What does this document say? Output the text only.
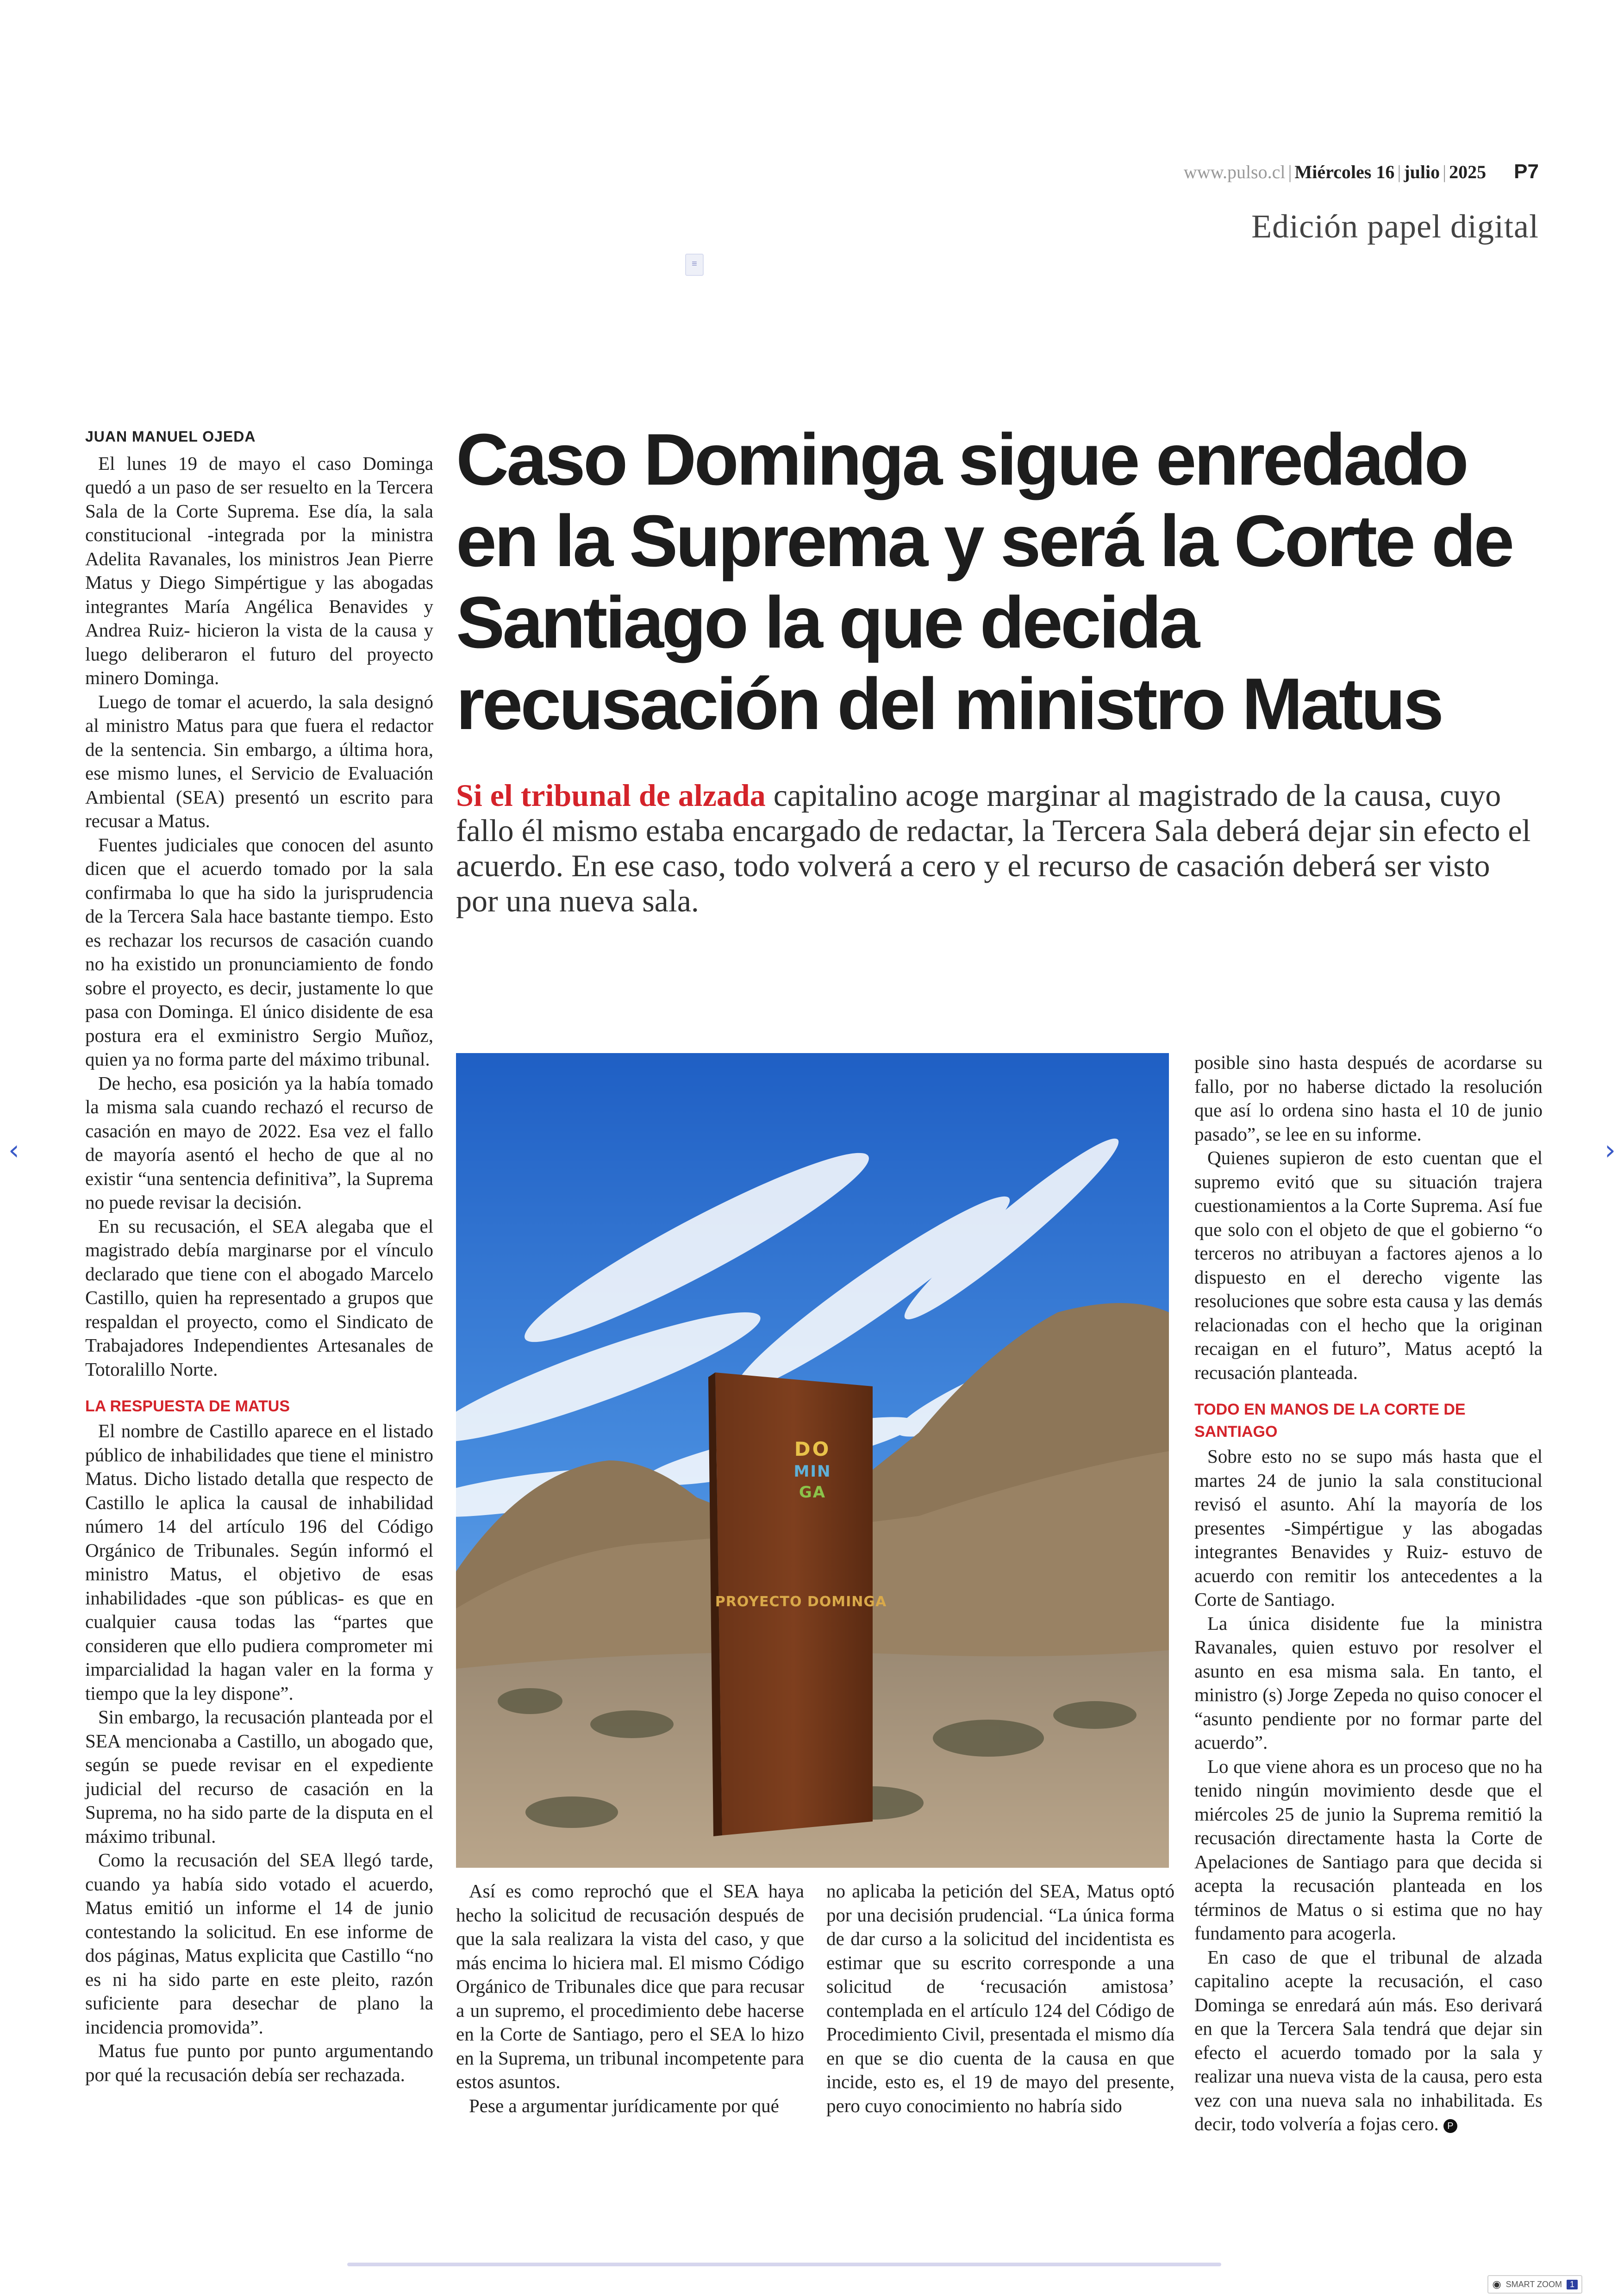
www.pulso.cl | Miércoles 16 | julio | 2025 P7
Edición papel digital
≡
‹	›
Caso Dominga sigue enredado en la Suprema y será la Corte de Santiago la que decida recusación del ministro Matus
Si el tribunal de alzada capitalino acoge marginar al magistrado de la causa, cuyo fallo él mismo estaba encargado de redactar, la Tercera Sala deberá dejar sin efecto el acuerdo. En ese caso, todo volverá a cero y el recurso de casación deberá ser visto por una nueva sala.

JUAN MANUEL OJEDA

El lunes 19 de mayo el caso Dominga quedó a un paso de ser resuelto en la Tercera Sala de la Corte Suprema. Ese día, la sala constitucional -integrada por la ministra Adelita Ravanales, los ministros Jean Pierre Matus y Diego Simpértigue y las abogadas integrantes María Angélica Benavides y Andrea Ruiz- hicieron la vista de la causa y luego deliberaron el futuro del proyecto minero Dominga.

Luego de tomar el acuerdo, la sala designó al ministro Matus para que fuera el redactor de la sentencia. Sin embargo, a última hora, ese mismo lunes, el Servicio de Evaluación Ambiental (SEA) presentó un escrito para recusar a Matus.

Fuentes judiciales que conocen del asunto dicen que el acuerdo tomado por la sala confirmaba lo que ha sido la jurisprudencia de la Tercera Sala hace bastante tiempo. Esto es rechazar los recursos de casación cuando no ha existido un pronunciamiento de fondo sobre el proyecto, es decir, justamente lo que pasa con Dominga. El único disidente de esa postura era el exministro Sergio Muñoz, quien ya no forma parte del máximo tribunal.

De hecho, esa posición ya la había tomado la misma sala cuando rechazó el recurso de casación en mayo de 2022. Esa vez el fallo de mayoría asentó el hecho de que al no existir “una sentencia definitiva”, la Suprema no puede revisar la decisión.

En su recusación, el SEA alegaba que el magistrado debía marginarse por el vínculo declarado que tiene con el abogado Marcelo Castillo, quien ha representado a grupos que respaldan el proyecto, como el Sindicato de Trabajadores Independientes Artesanales de Totoralillo Norte.

LA RESPUESTA DE MATUS

El nombre de Castillo aparece en el listado público de inhabilidades que tiene el ministro Matus. Dicho listado detalla que respecto de Castillo le aplica la causal de inhabilidad número 14 del artículo 196 del Código Orgánico de Tribunales. Según informó el ministro Matus, el objetivo de esas inhabilidades -que son públicas- es que en cualquier causa todas las “partes que consideren que ello pudiera comprometer mi imparcialidad la hagan valer en la forma y tiempo que la ley dispone”.

Sin embargo, la recusación planteada por el SEA mencionaba a Castillo, un abogado que, según se puede revisar en el expediente judicial del recurso de casación en la Suprema, no ha sido parte de la disputa en el máximo tribunal.

Como la recusación del SEA llegó tarde, cuando ya había sido votado el acuerdo, Matus emitió un informe el 14 de junio contestando la solicitud. En ese informe de dos páginas, Matus explicita que Castillo “no es ni ha sido parte en este pleito, razón suficiente para desechar de plano la incidencia promovida”.

Matus fue punto por punto argumentando por qué la recusación debía ser rechazada.

DO
MIN
GA
PROYECTO DOMINGA

Así es como reprochó que el SEA haya hecho la solicitud de recusación después de que la sala realizara la vista del caso, y que más encima lo hiciera mal. El mismo Código Orgánico de Tribunales dice que para recusar a un supremo, el procedimiento debe hacerse en la Corte de Santiago, pero el SEA lo hizo en la Suprema, un tribunal incompetente para estos asuntos.

Pese a argumentar jurídicamente por qué

no aplicaba la petición del SEA, Matus optó por una decisión prudencial. “La única forma de dar curso a la solicitud del incidentista es estimar que su escrito corresponde a una solicitud de ‘recusación amistosa’ contemplada en el artículo 124 del Código de Procedimiento Civil, presentada el mismo día en que se dio cuenta de la causa en que incide, esto es, el 19 de mayo del presente, pero cuyo conocimiento no habría sido

posible sino hasta después de acordarse su fallo, por no haberse dictado la resolución que así lo ordena sino hasta el 10 de junio pasado”, se lee en su informe.

Quienes supieron de esto cuentan que el supremo evitó que su situación trajera cuestionamientos a la Corte Suprema. Así fue que solo con el objeto de que el gobierno “o terceros no atribuyan a factores ajenos a lo dispuesto en el derecho vigente las resoluciones que sobre esta causa y las demás relacionadas con el hecho que la originan recaigan en el futuro”, Matus aceptó la recusación planteada.

TODO EN MANOS DE LA CORTE DE SANTIAGO

Sobre esto no se supo más hasta que el martes 24 de junio la sala constitucional revisó el asunto. Ahí la mayoría de los presentes -Simpértigue y las abogadas integrantes Benavides y Ruiz- estuvo de acuerdo con remitir los antecedentes a la Corte de Santiago.

La única disidente fue la ministra Ravanales, quien estuvo por resolver el asunto en esa misma sala. En tanto, el ministro (s) Jorge Zepeda no quiso conocer el “asunto pendiente por no formar parte del acuerdo”.

Lo que viene ahora es un proceso que no ha tenido ningún movimiento desde que el miércoles 25 de junio la Suprema remitió la recusación directamente hasta la Corte de Apelaciones de Santiago para que decida si acepta la recusación planteada en los términos de Matus o si estima que no hay fundamento para acogerla.

En caso de que el tribunal de alzada capitalino acepte la recusación, el caso Dominga se enredará aún más. Eso derivará en que la Tercera Sala tendrá que dejar sin efecto el acuerdo tomado por la sala y realizar una nueva vista de la causa, pero esta vez con una nueva sala no inhabilitada. Es decir, todo volvería a fojas cero. P

◉ SMART ZOOM 1
